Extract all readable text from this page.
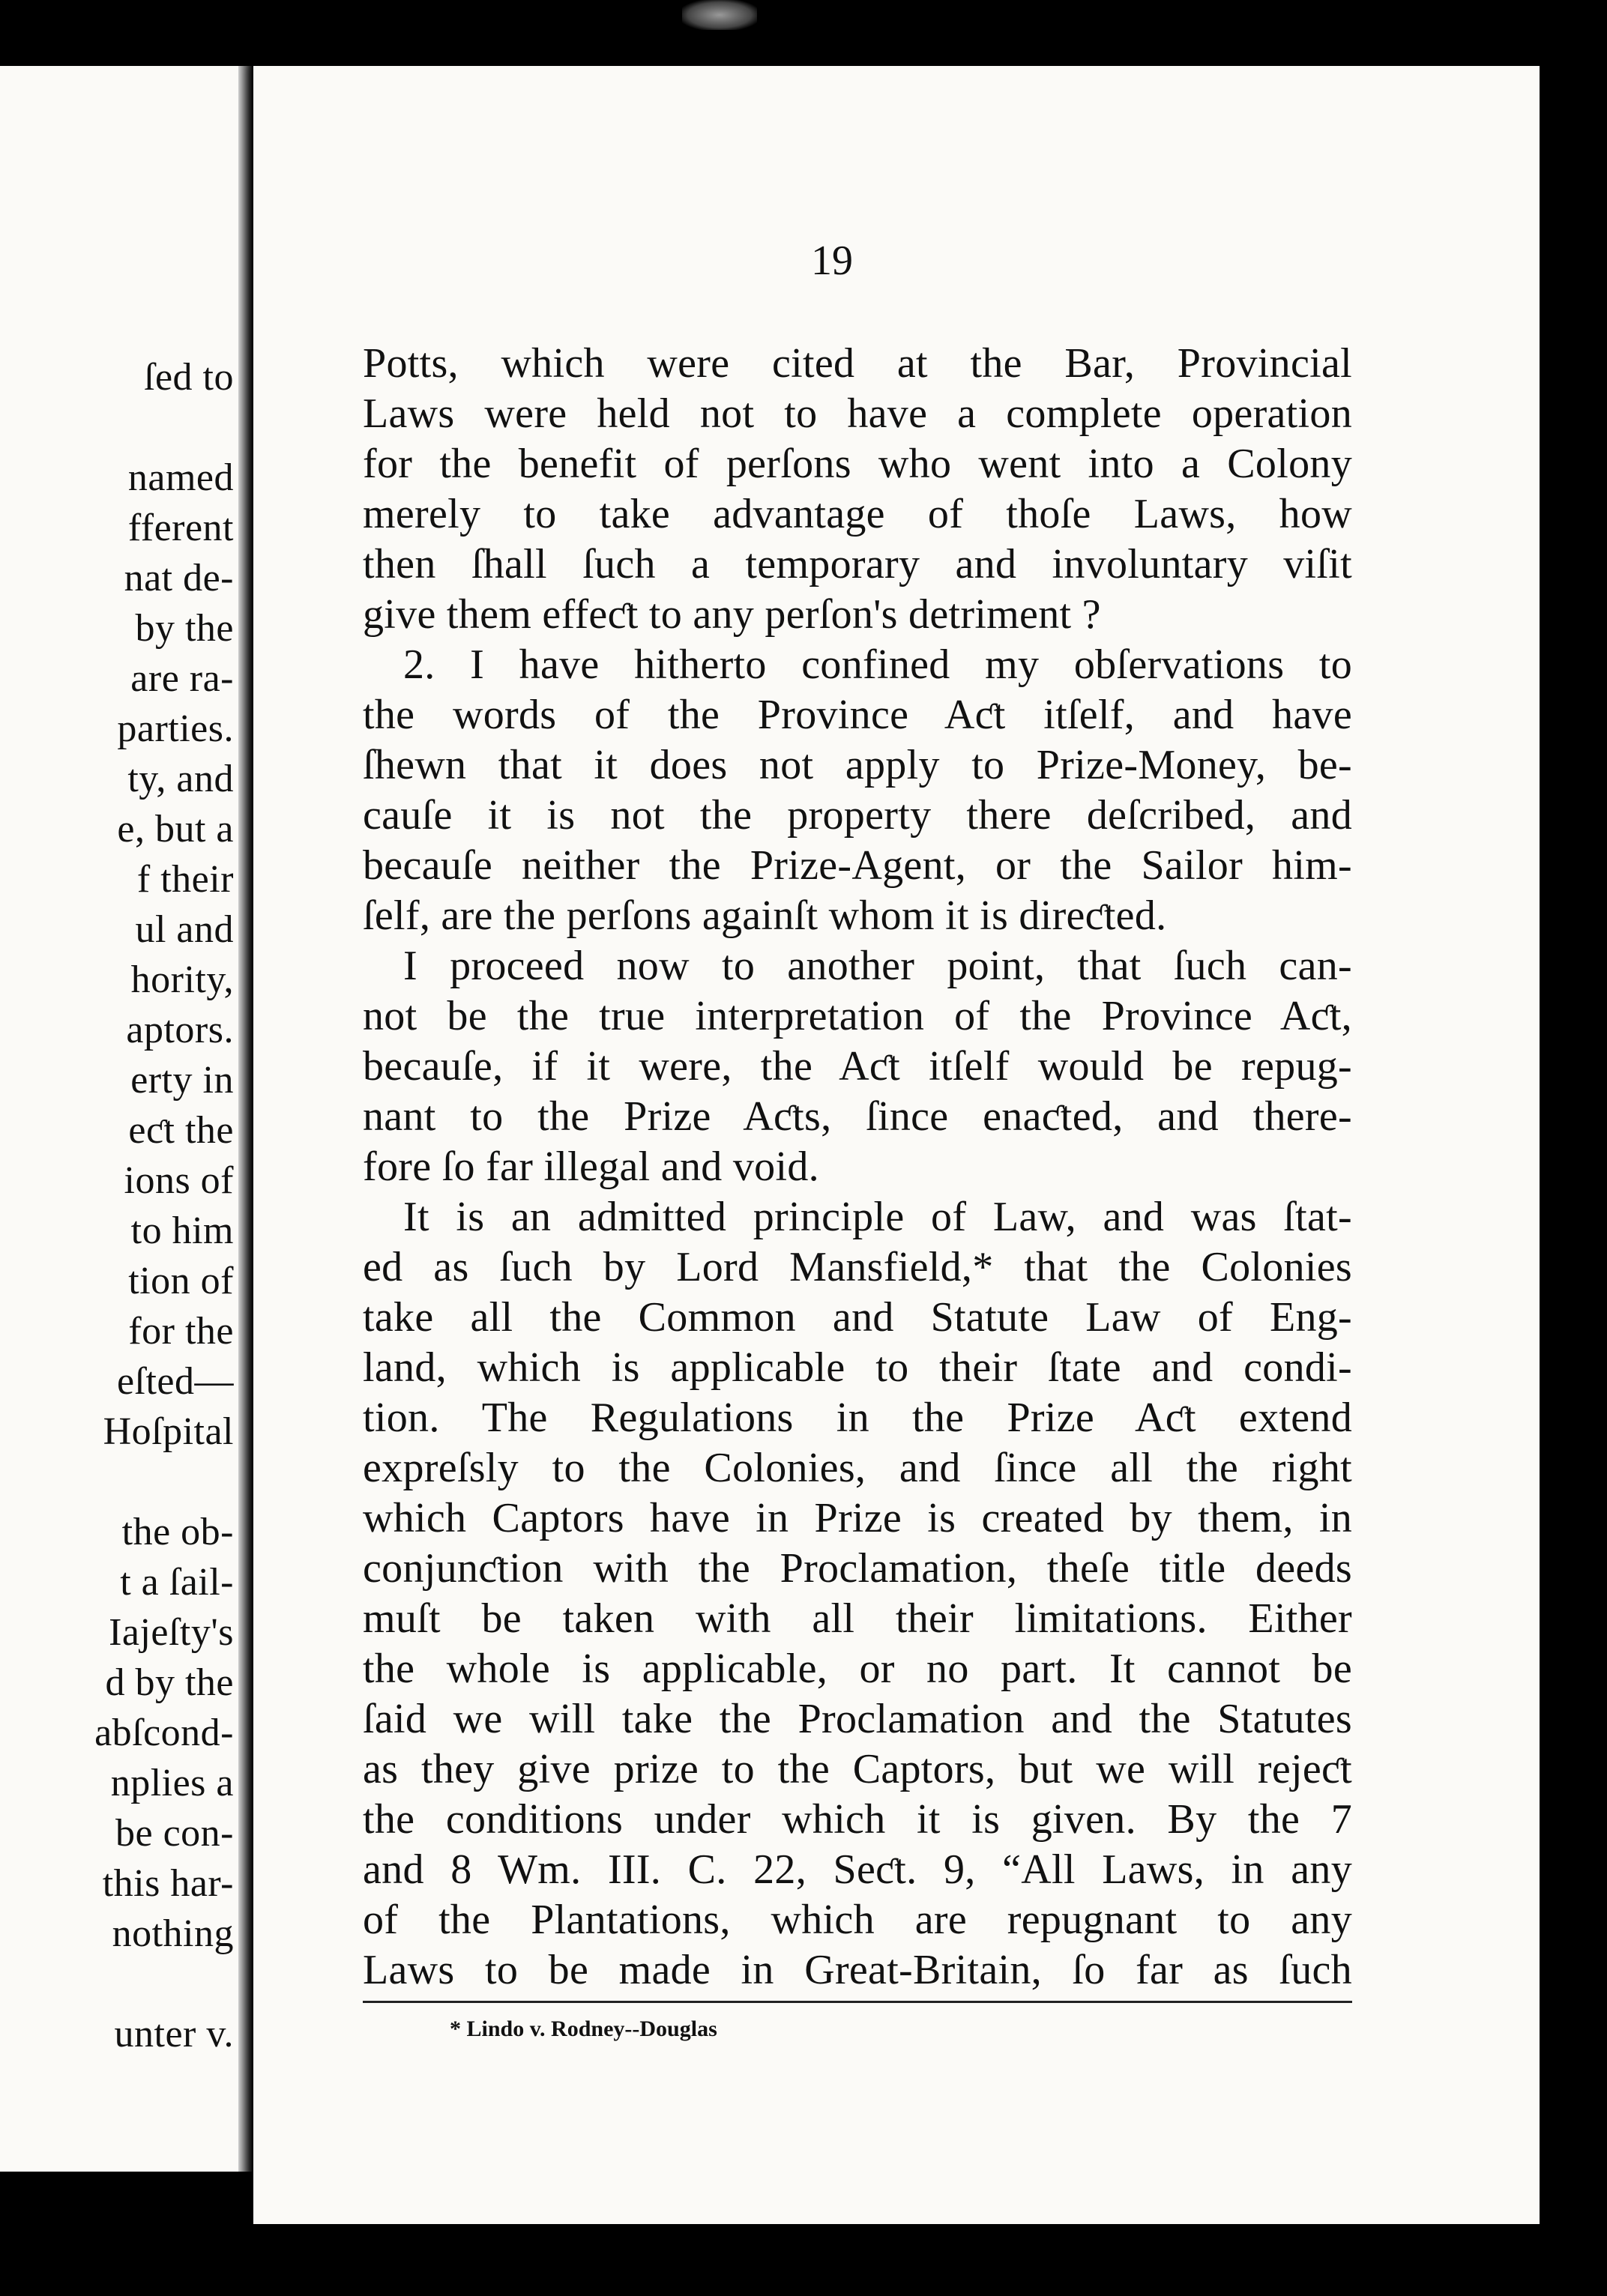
ſed to
named
fferent
nat de-
by the
are ra-
parties.
ty, and
e, but a
f their
ul and
hority,
aptors.
erty in
eƈt the
ions of
to him
tion of
for the
eſted—
Hoſpital
the ob-
t a ſail-
Iajeſty's
d by the
abſcond-
nplies a
be con-
this har-
nothing
unter v.
19
Potts, which were cited at the Bar, Provincial
Laws were held not to have a complete operation
for the benefit of perſons who went into a Colony
merely to take advantage of thoſe Laws, how
then ſhall ſuch a temporary and involuntary viſit
give them effeƈt to any perſon's detriment ?
2. I have hitherto confined my obſervations to
the words of the Province Aƈt itſelf, and have
ſhewn that it does not apply to Prize-Money, be-
cauſe it is not the property there deſcribed, and
becauſe neither the Prize-Agent, or the Sailor him-
ſelf, are the perſons againſt whom it is direƈted.
I proceed now to another point, that ſuch can-
not be the true interpretation of the Province Aƈt,
becauſe, if it were, the Aƈt itſelf would be repug-
nant to the Prize Aƈts, ſince enaƈted, and there-
fore ſo far illegal and void.
It is an admitted principle of Law, and was ſtat-
ed as ſuch by Lord Mansfield,* that the Colonies
take all the Common and Statute Law of Eng-
land, which is applicable to their ſtate and condi-
tion. The Regulations in the Prize Aƈt extend
expreſsly to the Colonies, and ſince all the right
which Captors have in Prize is created by them, in
conjunƈtion with the Proclamation, theſe title deeds
muſt be taken with all their limitations. Either
the whole is applicable, or no part. It cannot be
ſaid we will take the Proclamation and the Statutes
as they give prize to the Captors, but we will rejeƈt
the conditions under which it is given. By the 7
and 8 Wm. III. C. 22, Seƈt. 9, “All Laws, in any
of the Plantations, which are repugnant to any
Laws to be made in Great-Britain, ſo far as ſuch
* Lindo v. Rodney--Douglas
